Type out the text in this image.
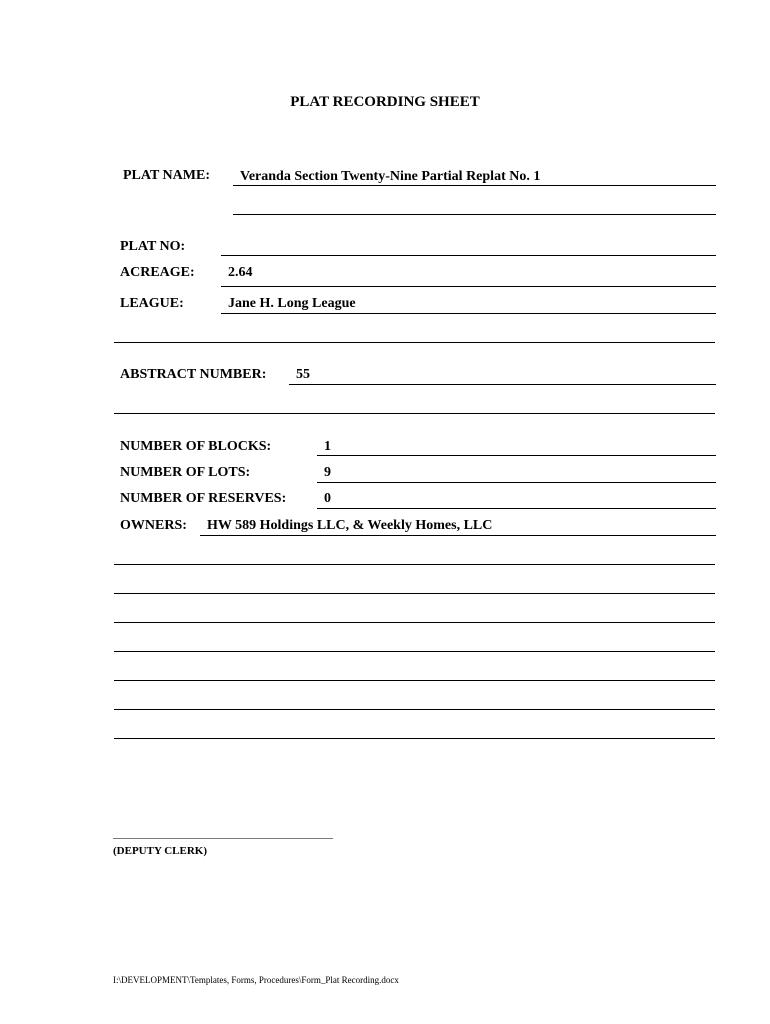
PLAT RECORDING SHEET
PLAT NAME: Veranda Section Twenty-Nine Partial Replat No. 1
PLAT NO:
ACREAGE: 2.64
LEAGUE:	Jane H. Long League
ABSTRACT NUMBER: 55
NUMBER OF BLOCKS:	1
NUMBER OF LOTS:	9
NUMBER OF RESERVES:	0
OWNERS: HW 589 Holdings LLC, & Weekly Homes, LLC
____________________________________________
(DEPUTY CLERK)
I:\DEVELOPMENT\Templates, Forms, Procedures\Form_Plat Recording.docx
